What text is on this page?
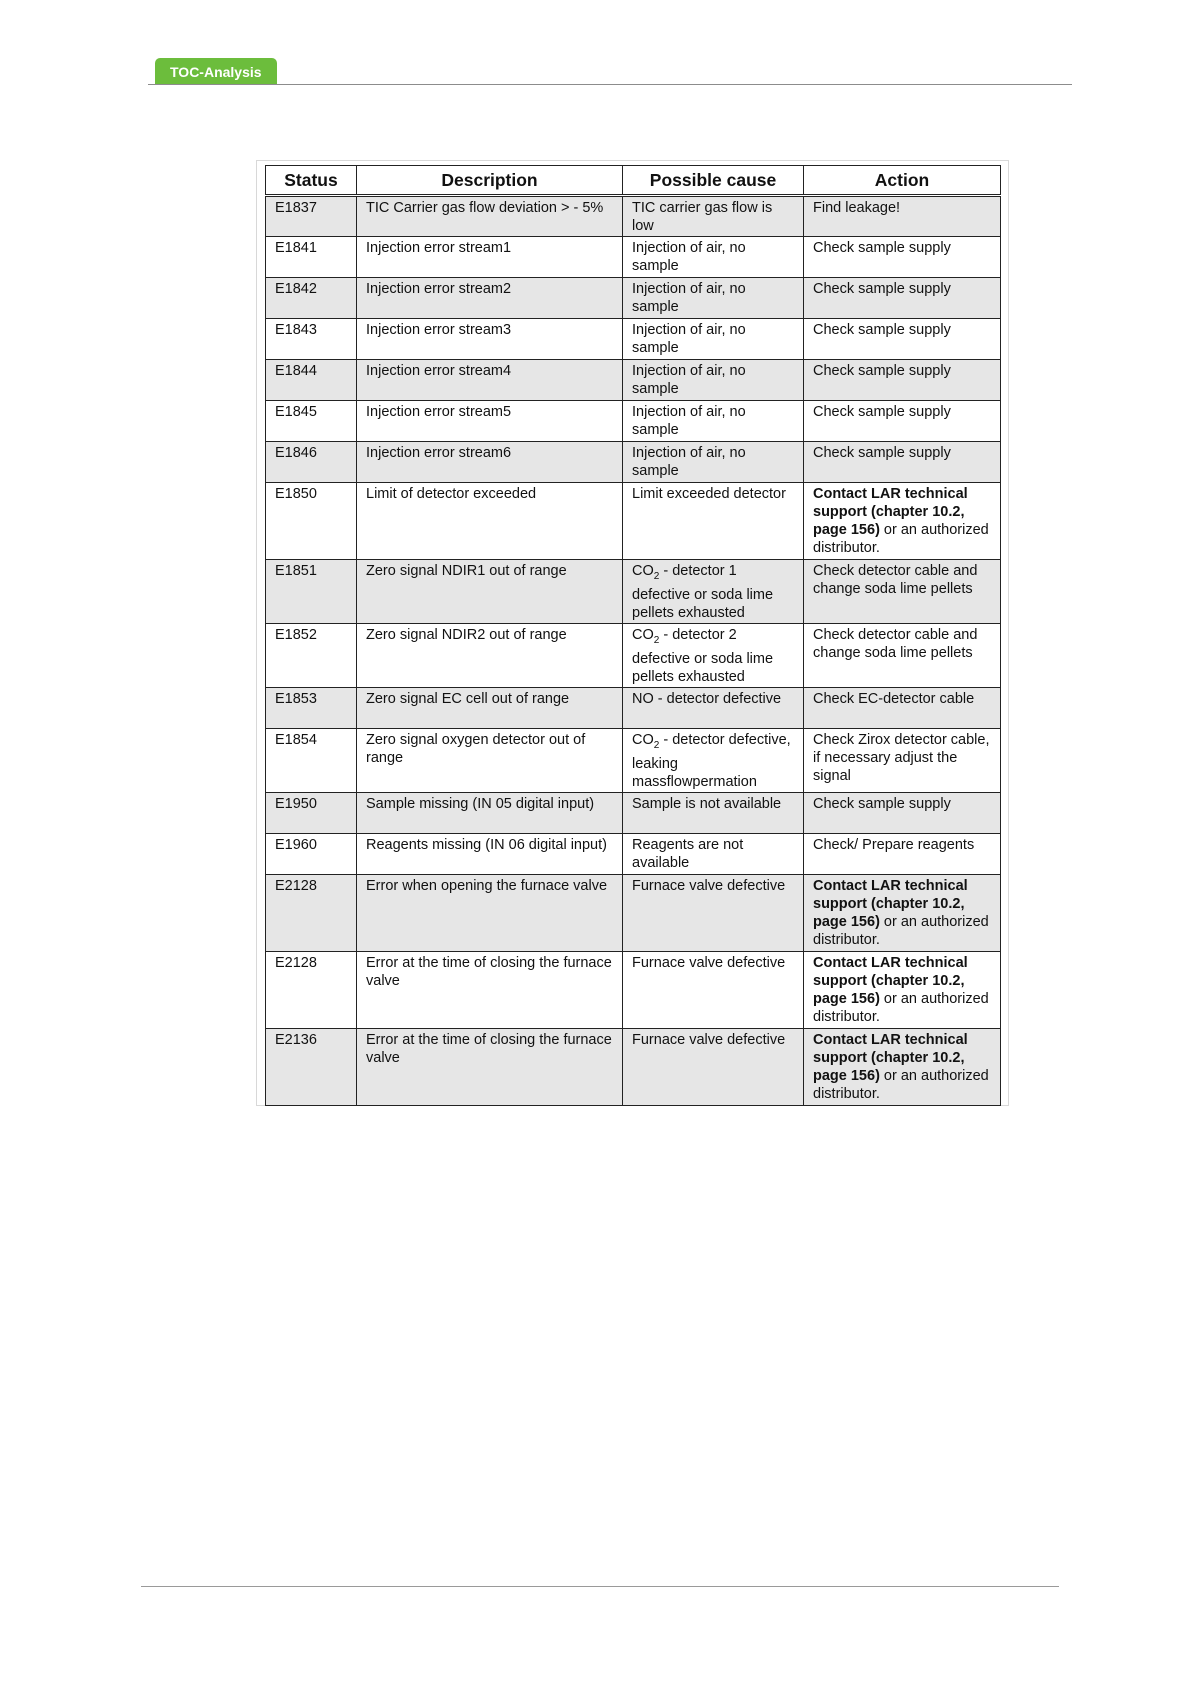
TOC-Analysis
Status	Description	Possible cause	Action
E1837	TIC Carrier gas flow deviation > - 5%	TIC carrier gas flow is low	Find leakage!
E1841	Injection error stream1	Injection of air, no sample	Check sample supply
E1842	Injection error stream2	Injection of air, no sample	Check sample supply
E1843	Injection error stream3	Injection of air, no sample	Check sample supply
E1844	Injection error stream4	Injection of air, no sample	Check sample supply
E1845	Injection error stream5	Injection of air, no sample	Check sample supply
E1846	Injection error stream6	Injection of air, no sample	Check sample supply
E1850	Limit of detector exceeded	Limit exceeded detector	Contact LAR technical support (chapter 10.2, page 156) or an authorized distributor.
E1851	Zero signal NDIR1 out of range	$CO_2$ - detector 1 defective or soda lime pellets exhausted	Check detector cable and change soda lime pellets
E1852	Zero signal NDIR2 out of range	$CO_2$ - detector 2 defective or soda lime pellets exhausted	Check detector cable and change soda lime pellets
E1853	Zero signal EC cell out of range	NO - detector defective	Check EC-detector cable
E1854	Zero signal oxygen detector out of range	$CO_2$ - detector defective, leaking massflowpermation	Check Zirox detector cable, if necessary adjust the signal
E1950	Sample missing (IN 05 digital input)	Sample is not available	Check sample supply
E1960	Reagents missing (IN 06 digital input)	Reagents are not available	Check/ Prepare reagents
E2128	Error when opening the furnace valve	Furnace valve defective	Contact LAR technical support (chapter 10.2, page 156) or an authorized distributor.
E2128	Error at the time of closing the furnace valve	Furnace valve defective	Contact LAR technical support (chapter 10.2, page 156) or an authorized distributor.
E2136	Error at the time of closing the furnace valve	Furnace valve defective	Contact LAR technical support (chapter 10.2, page 156) or an authorized distributor.
